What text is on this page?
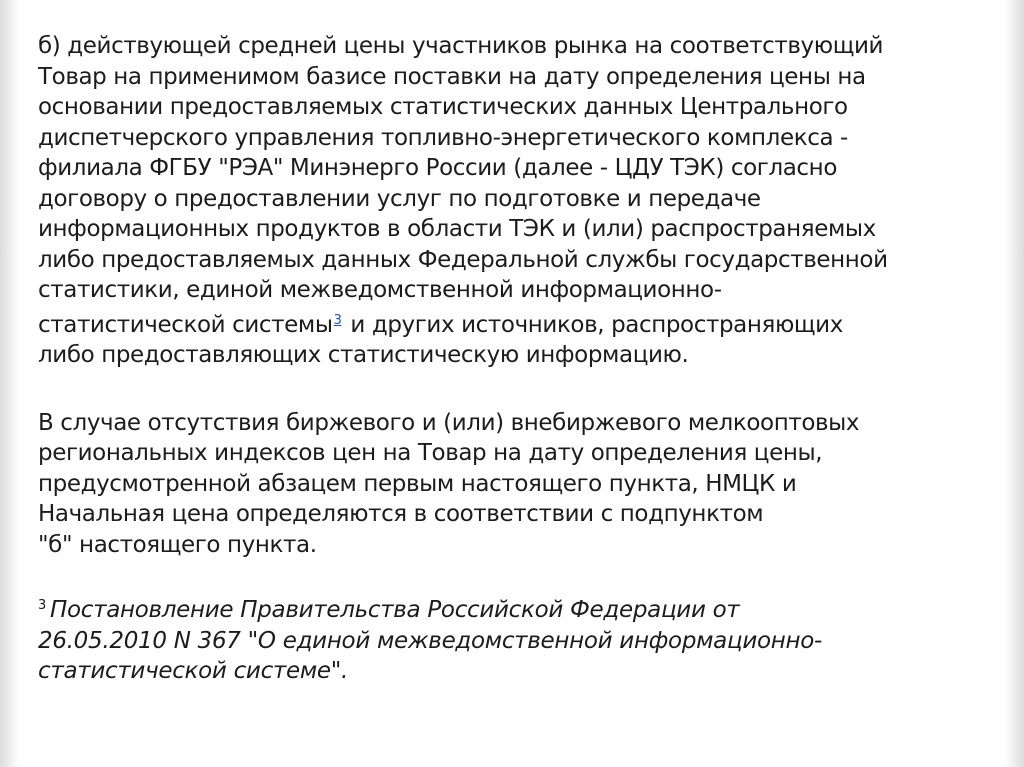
б) действующей средней цены участников рынка на соответствующий
Товар на применимом базисе поставки на дату определения цены на
основании предоставляемых статистических данных Центрального
диспетчерского управления топливно-энергетического комплекса -
филиала ФГБУ "РЭА" Минэнерго России (далее - ЦДУ ТЭК) согласно
договору о предоставлении услуг по подготовке и передаче
информационных продуктов в области ТЭК и (или) распространяемых
либо предоставляемых данных Федеральной службы государственной
статистики, единой межведомственной информационно-
статистической системы$^3$ и других источников, распространяющих
либо предоставляющих статистическую информацию.

В случае отсутствия биржевого и (или) внебиржевого мелкооптовых
региональных индексов цен на Товар на дату определения цены,
предусмотренной абзацем первым настоящего пункта, НМЦК и
Начальная цена определяются в соответствии с подпунктом
"б" настоящего пункта.

$^3$ Постановление Правительства Российской Федерации от
26.05.2010 N 367 "О единой межведомственной информационно-
статистической системе".
